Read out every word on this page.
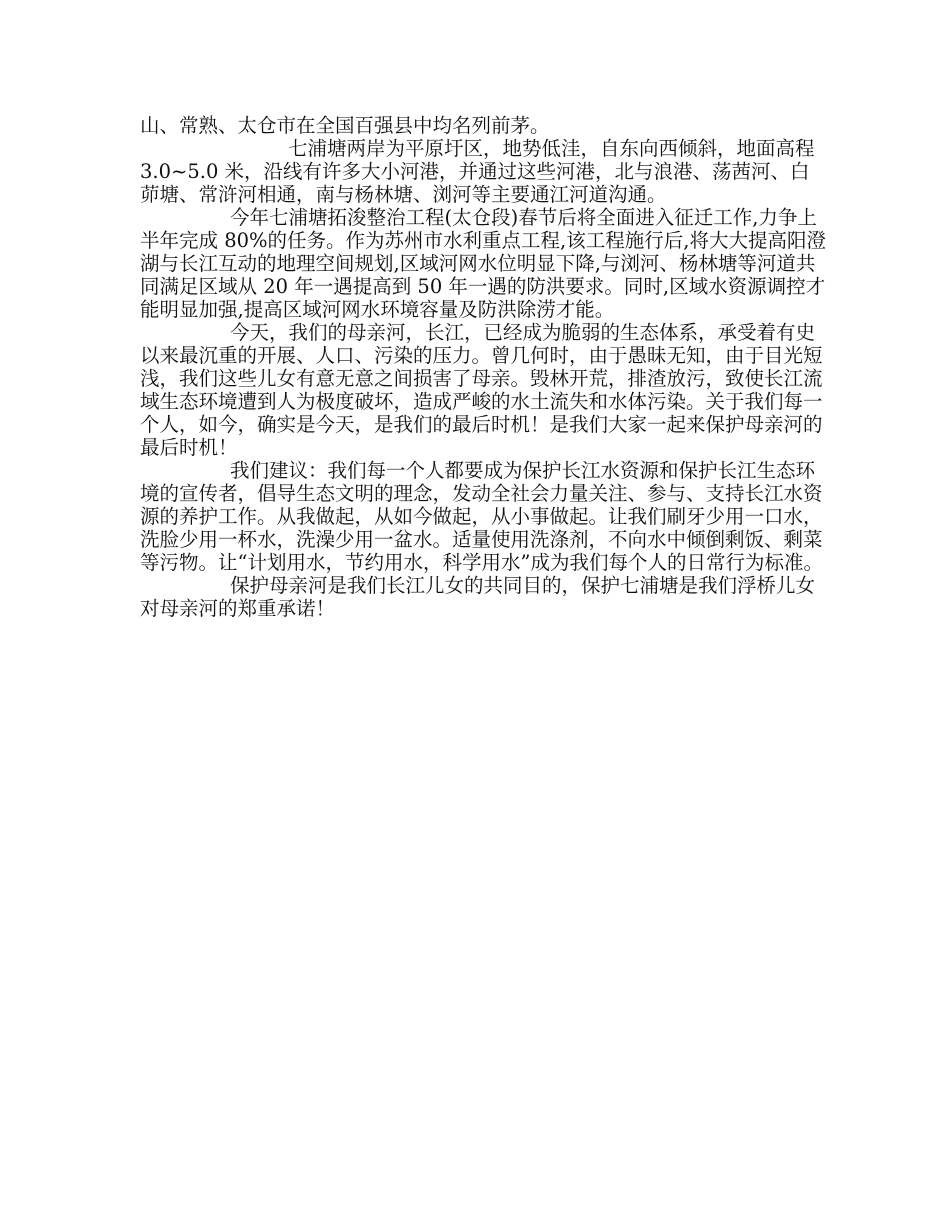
山、常熟、太仓市在全国百强县中均名列前茅。

七浦塘两岸为平原圩区，地势低洼，自东向西倾斜，地面高程 3.0~5.0 米，沿线有许多大小河港，并通过这些河港，北与浪港、荡茜河、白茆塘、常浒河相通，南与杨林塘、浏河等主要通江河道沟通。

今年七浦塘拓浚整治工程(太仓段)春节后将全面进入征迁工作,力争上半年完成 80%的任务。作为苏州市水利重点工程,该工程施行后,将大大提高阳澄湖与长江互动的地理空间规划,区域河网水位明显下降,与浏河、杨林塘等河道共同满足区域从 20 年一遇提高到 50 年一遇的防洪要求。同时,区域水资源调控才能明显加强,提高区域河网水环境容量及防洪除涝才能。

今天，我们的母亲河，长江，已经成为脆弱的生态体系，承受着有史以来最沉重的开展、人口、污染的压力。曾几何时，由于愚昧无知，由于目光短浅，我们这些儿女有意无意之间损害了母亲。毁林开荒，排渣放污，致使长江流域生态环境遭到人为极度破坏，造成严峻的水土流失和水体污染。关于我们每一个人，如今，确实是今天，是我们的最后时机！是我们大家一起来保护母亲河的最后时机！

我们建议：我们每一个人都要成为保护长江水资源和保护长江生态环境的宣传者，倡导生态文明的理念，发动全社会力量关注、参与、支持长江水资源的养护工作。从我做起，从如今做起，从小事做起。让我们刷牙少用一口水，洗脸少用一杯水，洗澡少用一盆水。适量使用洗涤剂，不向水中倾倒剩饭、剩菜等污物。让“计划用水，节约用水，科学用水”成为我们每个人的日常行为标准。

保护母亲河是我们长江儿女的共同目的，保护七浦塘是我们浮桥儿女对母亲河的郑重承诺！
